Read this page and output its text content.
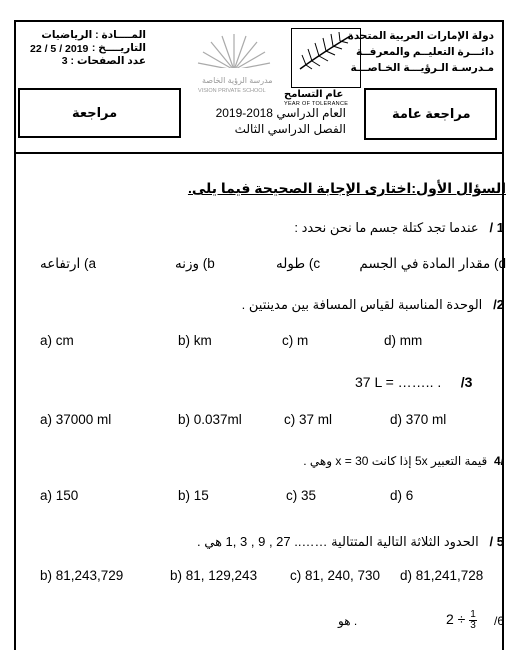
دولة الإمارات العربية المتحدة
دائـــرة التعليــم والمعرفــة
مـدرسـة الـرؤيـــة الخـاصـــة
المــــادة : الرياضيات
التاريــــخ :
عدد الصفحات : 3
22 / 5 / 2019
عام التسامح
YEAR OF TOLERANCE
مدرسة الرؤية الخاصة
VISION PRIVATE SCHOOL
مراجعة عامة
مراجعة	العام الدراسي 2018-2019
الفصل الدراسي الثالث
السؤال الأول:اختارى الإجابة الصحيحة فيما يلى.
1 /   عندما تجد كتلة جسم ما نحن نحدد :
مقدار المادة في الجسم (d
طوله (c
وزنه (b
ارتفاعه (a
2/   الوحدة المناسبة لقياس المسافة بين مدينتين .
a) cm	b) km	c) m	d) mm
37 L = …….. . /3
a) 37000 ml	b) 0.037ml	c) 37 ml	d) 370 ml
/4  قيمة التعبير 5x إذا كانت 30 = x وهي .
a) 150	b) 15	c) 35	d) 6
5 /   الحدود الثلاثة التالية المتتالية …….. 27 , 9 , 3 ,1 هي .
b) 81,243,729	b) 81, 129,243 c) 81, 240, 730 d) 81,241,728
هو .	$2 \div \frac{1}{3} /6$
